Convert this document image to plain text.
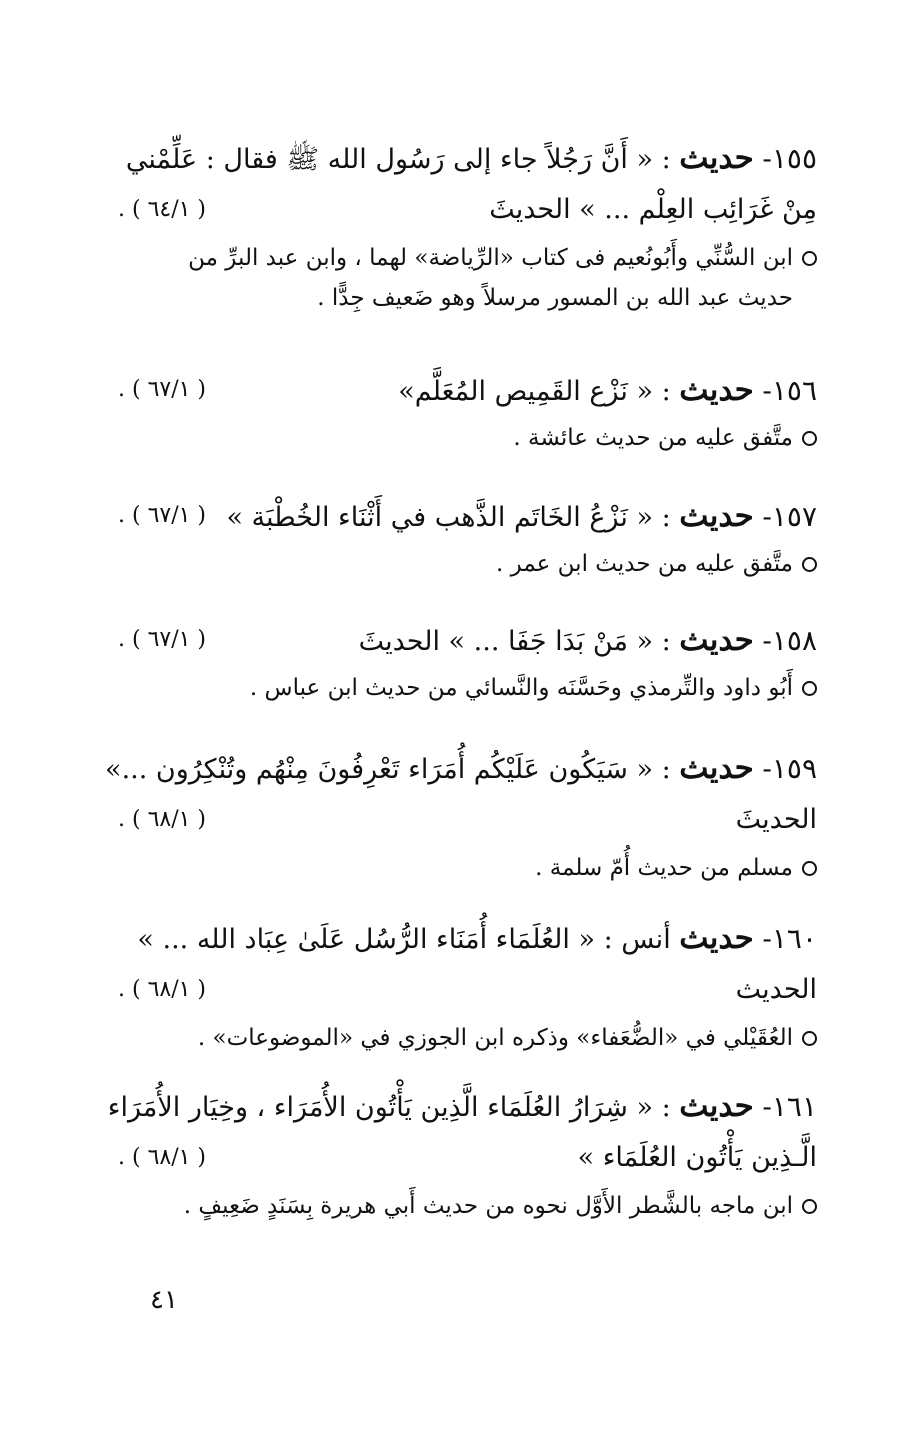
١٥٥- حديث : « أَنَّ رَجُلاً جاء إلى رَسُول الله ﷺ فقال : عَلِّمْني
مِنْ غَرَائِب العِلْم ... » الحديثَ
( ٦٤/١ ) .
ابن السُّنِّي وأَبُونُعيم فى كتاب «الرِّياضة» لهما ، وابن عبد البرِّ من
حديث عبد الله بن المسور مرسلاً وهو ضَعيف جِدًّا .
١٥٦- حديث : « نَزْع القَمِيص المُعَلَّم»
( ٦٧/١ ) .
متَّفق عليه من حديث عائشة .
١٥٧- حديث : « نَزْعُ الخَاتَم الذَّهب في أَثْنَاء الخُطْبَة »
( ٦٧/١ ) .
متَّفق عليه من حديث ابن عمر .
١٥٨- حديث : « مَنْ بَدَا جَفَا ... » الحديثَ
( ٦٧/١ ) .
أَبُو داود والتِّرمذي وحَسَّنَه والنَّسائي من حديث ابن عباس .
١٥٩- حديث : « سَيَكُون عَلَيْكُم أُمَرَاء تَعْرِفُونَ مِنْهُم وتُنْكِرُون ...»
الحديثَ
( ٦٨/١ ) .
مسلم من حديث أُمّ سلمة .
١٦٠- حديث أنس : « العُلَمَاء أُمَنَاء الرُّسُل عَلَىٰ عِبَاد الله ... »
الحديث
( ٦٨/١ ) .
العُقَيْلي في «الضُّعَفاء» وذكره ابن الجوزي في «الموضوعات» .
١٦١- حديث : « شِرَارُ العُلَمَاء الَّذِين يَأْتُون الأُمَرَاء ، وخِيَار الأُمَرَاء
الَّـذِين يَأْتُون العُلَمَاء »
( ٦٨/١ ) .
ابن ماجه بالشَّطر الأَوَّل نحوه من حديث أَبي هريرة بِسَنَدٍ ضَعِيفٍ .
٤١
